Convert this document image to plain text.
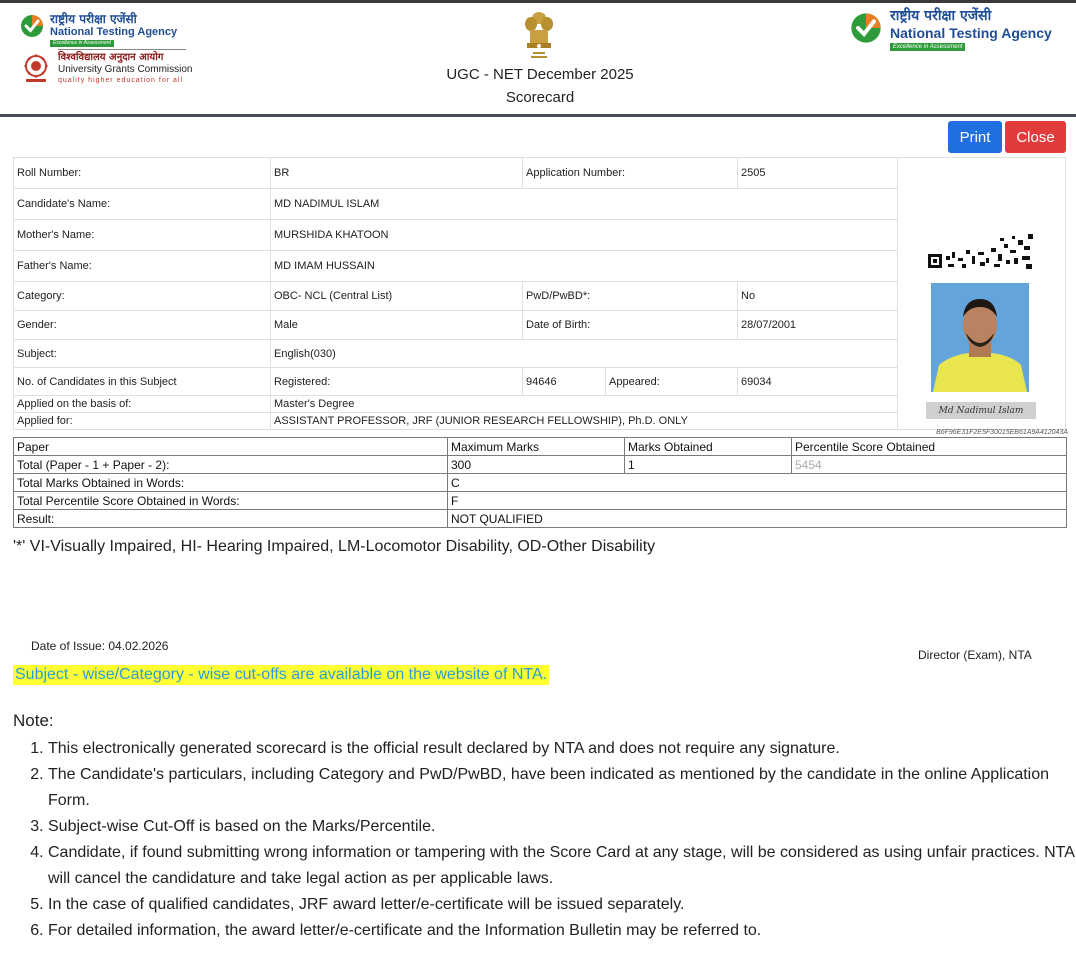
राष्ट्रीय परीक्षा एजेंसी
National Testing Agency
Excellence in Assessment
विश्वविद्यालय अनुदान आयोग
University Grants Commission
quality higher education for all	UGC - NET December 2025
Scorecard
राष्ट्रीय परीक्षा एजेंसी
National Testing Agency
Excellence in Assessment
Print	Close
Roll Number:	BR	Application Number:		2505
Candidate's Name:	MD NADIMUL ISLAM			
Mother's Name:	MURSHIDA KHATOON			
Father's Name:	MD IMAM HUSSAIN			
Category:	OBC- NCL (Central List)	PwD/PwBD*:		No
Gender:	Male	Date of Birth:		28/07/2001
Subject:	English(030)			
No. of Candidates in this Subject	Registered:	94646	Appeared:	69034
Applied on the basis of:	Master's Degree			
Applied for:	ASSISTANT PROFESSOR, JRF (JUNIOR RESEARCH FELLOWSHIP), Ph.D. ONLY			
Md Nadimul Islam
B6F96E31F2E5F30015EB61A9A412043A
Paper	Maximum Marks	Marks Obtained	Percentile Score Obtained
Total (Paper - 1 + Paper - 2):	300	1	5454
Total Marks Obtained in Words:	C		
Total Percentile Score Obtained in Words:	F		
Result:	NOT QUALIFIED		
'*' VI-Visually Impaired, HI- Hearing Impaired, LM-Locomotor Disability, OD-Other Disability
Date of Issue: 04.02.2026
Director (Exam), NTA
Subject - wise/Category - wise cut-offs are available on the website of NTA.
Note:
1. This electronically generated scorecard is the official result declared by NTA and does not require any signature.
2. The Candidate's particulars, including Category and PwD/PwBD, have been indicated as mentioned by the candidate in the online Application Form.
3. Subject-wise Cut-Off is based on the Marks/Percentile.
4. Candidate, if found submitting wrong information or tampering with the Score Card at any stage, will be considered as using unfair practices. NTA will cancel the candidature and take legal action as per applicable laws.
5. In the case of qualified candidates, JRF award letter/e-certificate will be issued separately.
6. For detailed information, the award letter/e-certificate and the Information Bulletin may be referred to.
